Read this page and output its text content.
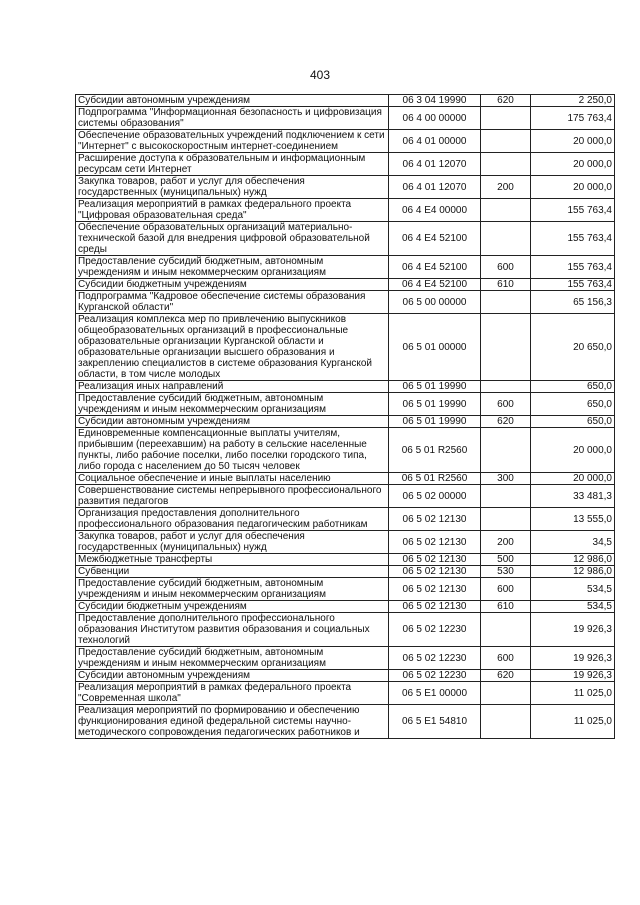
403
Субсидии автономным учреждениям	06 3 04 19990	620	2 250,0
Подпрограмма "Информационная безопасность и цифровизация системы образования"	06 4 00 00000		175 763,4
Обеспечение образовательных учреждений подключением к сети "Интернет" с высокоскоростным интернет-соединением	06 4 01 00000		20 000,0
Расширение доступа к образовательным и информационным ресурсам сети Интернет	06 4 01 12070		20 000,0
Закупка товаров, работ и услуг для обеспечения государственных (муниципальных) нужд	06 4 01 12070	200	20 000,0
Реализация мероприятий в рамках федерального проекта "Цифровая образовательная среда"	06 4 E4 00000		155 763,4
Обеспечение образовательных организаций материально-технической базой для внедрения цифровой образовательной среды	06 4 E4 52100		155 763,4
Предоставление субсидий бюджетным, автономным учреждениям и иным некоммерческим организациям	06 4 E4 52100	600	155 763,4
Субсидии бюджетным учреждениям	06 4 E4 52100	610	155 763,4
Подпрограмма "Кадровое обеспечение системы образования Курганской области"	06 5 00 00000		65 156,3
Реализация комплекса мер по привлечению выпускников общеобразовательных организаций в профессиональные образовательные организации Курганской области и образовательные организации высшего образования и закреплению специалистов в системе образования Курганской области, в том числе молодых	06 5 01 00000		20 650,0
Реализация иных направлений	06 5 01 19990		650,0
Предоставление субсидий бюджетным, автономным учреждениям и иным некоммерческим организациям	06 5 01 19990	600	650,0
Субсидии автономным учреждениям	06 5 01 19990	620	650,0
Единовременные компенсационные выплаты учителям, прибывшим (переехавшим) на работу в сельские населенные пункты, либо рабочие поселки, либо поселки городского типа, либо города с населением до 50 тысяч человек	06 5 01 R2560		20 000,0
Социальное обеспечение и иные выплаты населению	06 5 01 R2560	300	20 000,0
Совершенствование системы непрерывного профессионального развития педагогов	06 5 02 00000		33 481,3
Организация предоставления дополнительного профессионального образования педагогическим работникам	06 5 02 12130		13 555,0
Закупка товаров, работ и услуг для обеспечения государственных (муниципальных) нужд	06 5 02 12130	200	34,5
Межбюджетные трансферты	06 5 02 12130	500	12 986,0
Субвенции	06 5 02 12130	530	12 986,0
Предоставление субсидий бюджетным, автономным учреждениям и иным некоммерческим организациям	06 5 02 12130	600	534,5
Субсидии бюджетным учреждениям	06 5 02 12130	610	534,5
Предоставление дополнительного профессионального образования Институтом развития образования и социальных технологий	06 5 02 12230		19 926,3
Предоставление субсидий бюджетным, автономным учреждениям и иным некоммерческим организациям	06 5 02 12230	600	19 926,3
Субсидии автономным учреждениям	06 5 02 12230	620	19 926,3
Реализация мероприятий в рамках федерального проекта "Современная школа"	06 5 E1 00000		11 025,0
Реализация мероприятий по формированию и обеспечению функционирования единой федеральной системы научно-методического сопровождения педагогических работников и	06 5 E1 54810		11 025,0
